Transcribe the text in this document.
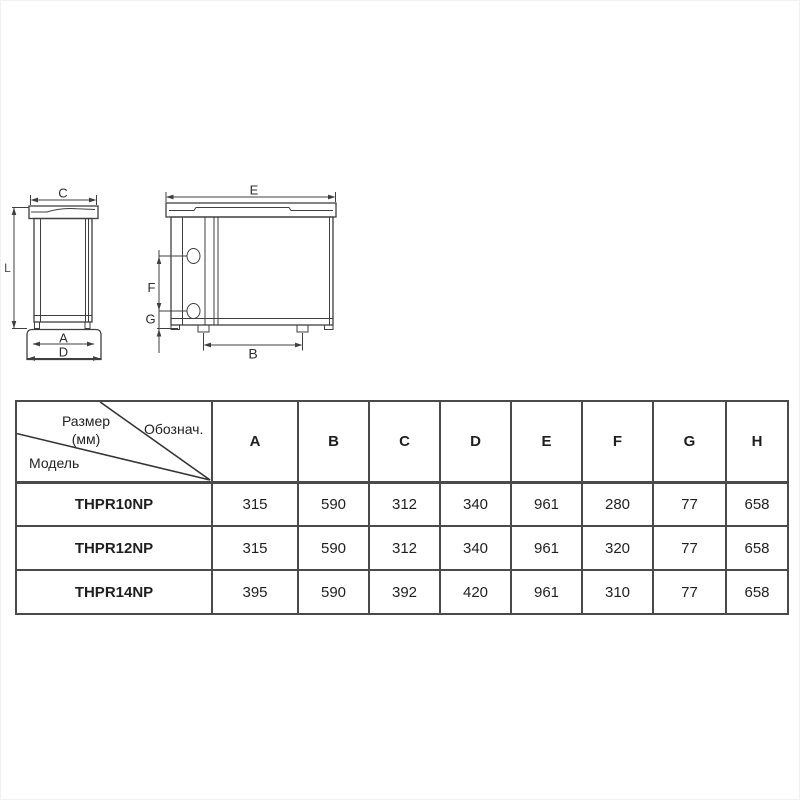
C
L
A
D
E
F
G
B
Размер
(мм)
Обознач.
Модель	A	B	C	D	E	F	G	H
THPR10NP	315	590	312	340	961	280	77	658
THPR12NP	315	590	312	340	961	320	77	658
THPR14NP	395	590	392	420	961	310	77	658
